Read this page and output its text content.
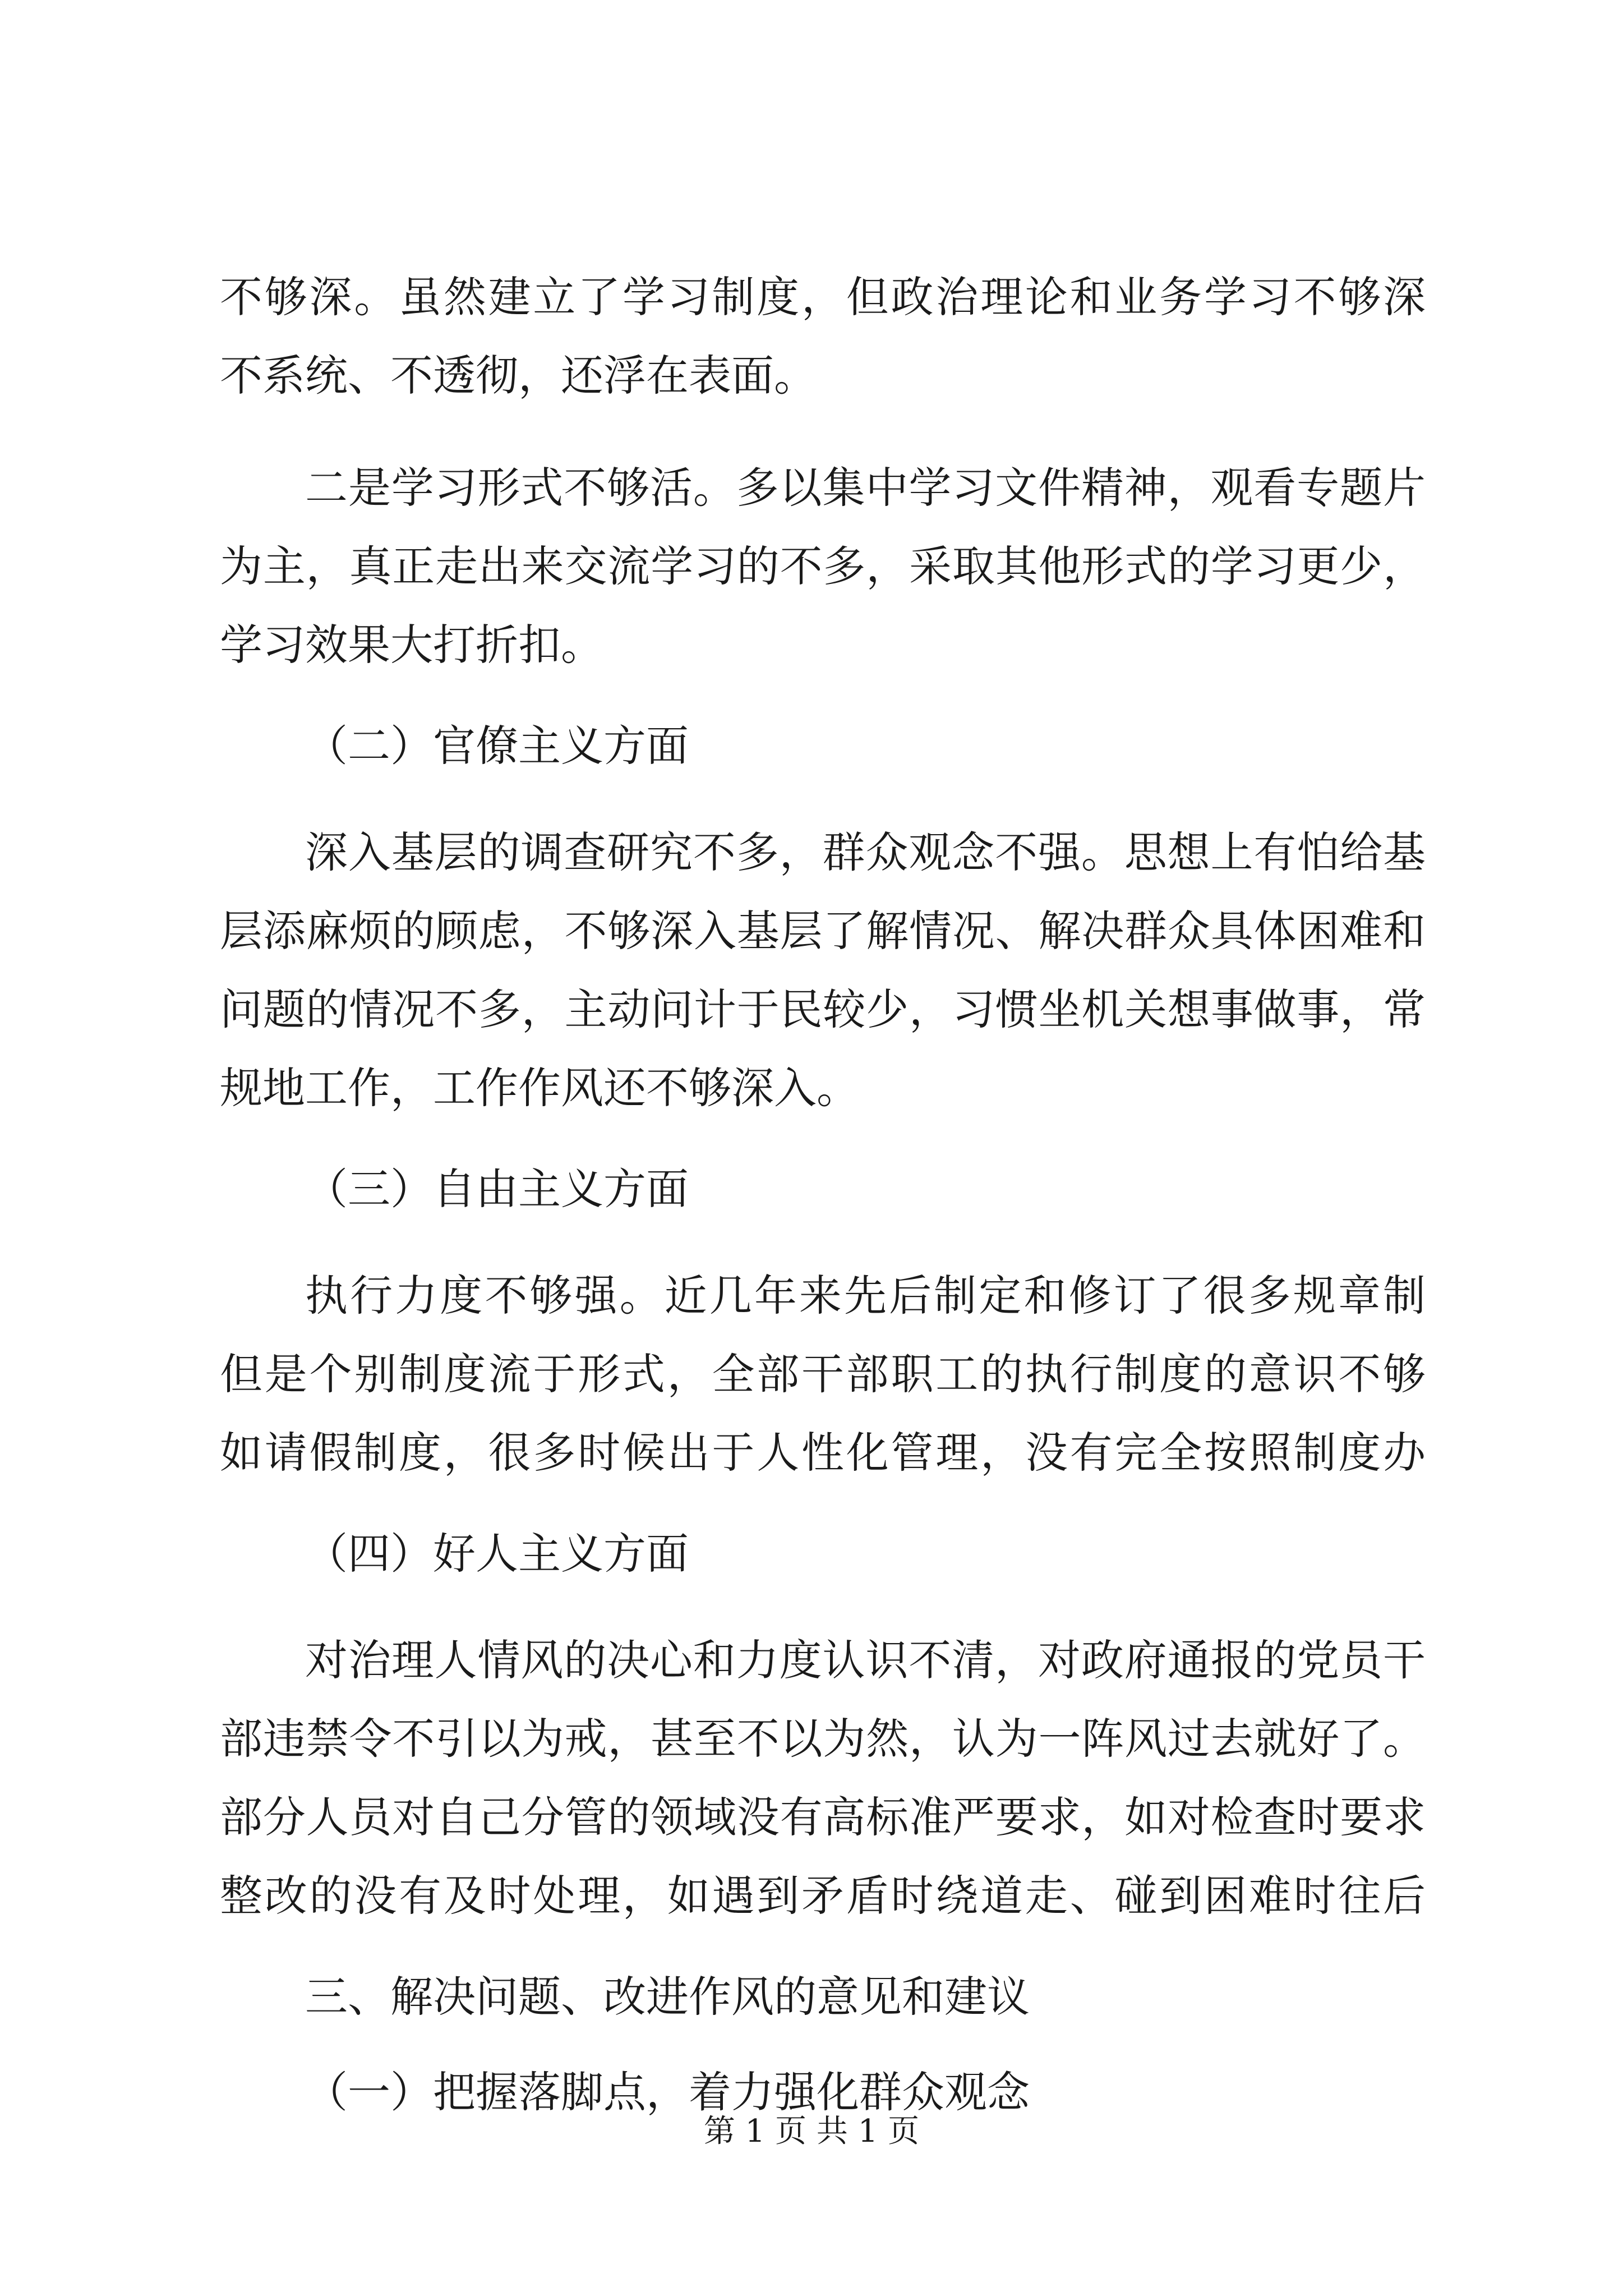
不够深。虽然建立了学习制度，但政治理论和业务学习不够深
不系统、不透彻，还浮在表面。
二是学习形式不够活。多以集中学习文件精神，观看专题片
为主，真正走出来交流学习的不多，采取其他形式的学习更少，
学习效果大打折扣。
（二）官僚主义方面
深入基层的调查研究不多，群众观念不强。思想上有怕给基
层添麻烦的顾虑，不够深入基层了解情况、解决群众具体困难和
问题的情况不多，主动问计于民较少，习惯坐机关想事做事，常
规地工作，工作作风还不够深入。
（三）自由主义方面
执行力度不够强。近几年来先后制定和修订了很多规章制
但是个别制度流于形式，全部干部职工的执行制度的意识不够
如请假制度，很多时候出于人性化管理，没有完全按照制度办
（四）好人主义方面
对治理人情风的决心和力度认识不清，对政府通报的党员干
部违禁令不引以为戒，甚至不以为然，认为一阵风过去就好了。
部分人员对自己分管的领域没有高标准严要求，如对检查时要求
整改的没有及时处理，如遇到矛盾时绕道走、碰到困难时往后
三、解决问题、改进作风的意见和建议
（一）把握落脚点，着力强化群众观念
第 1 页 共 1 页
